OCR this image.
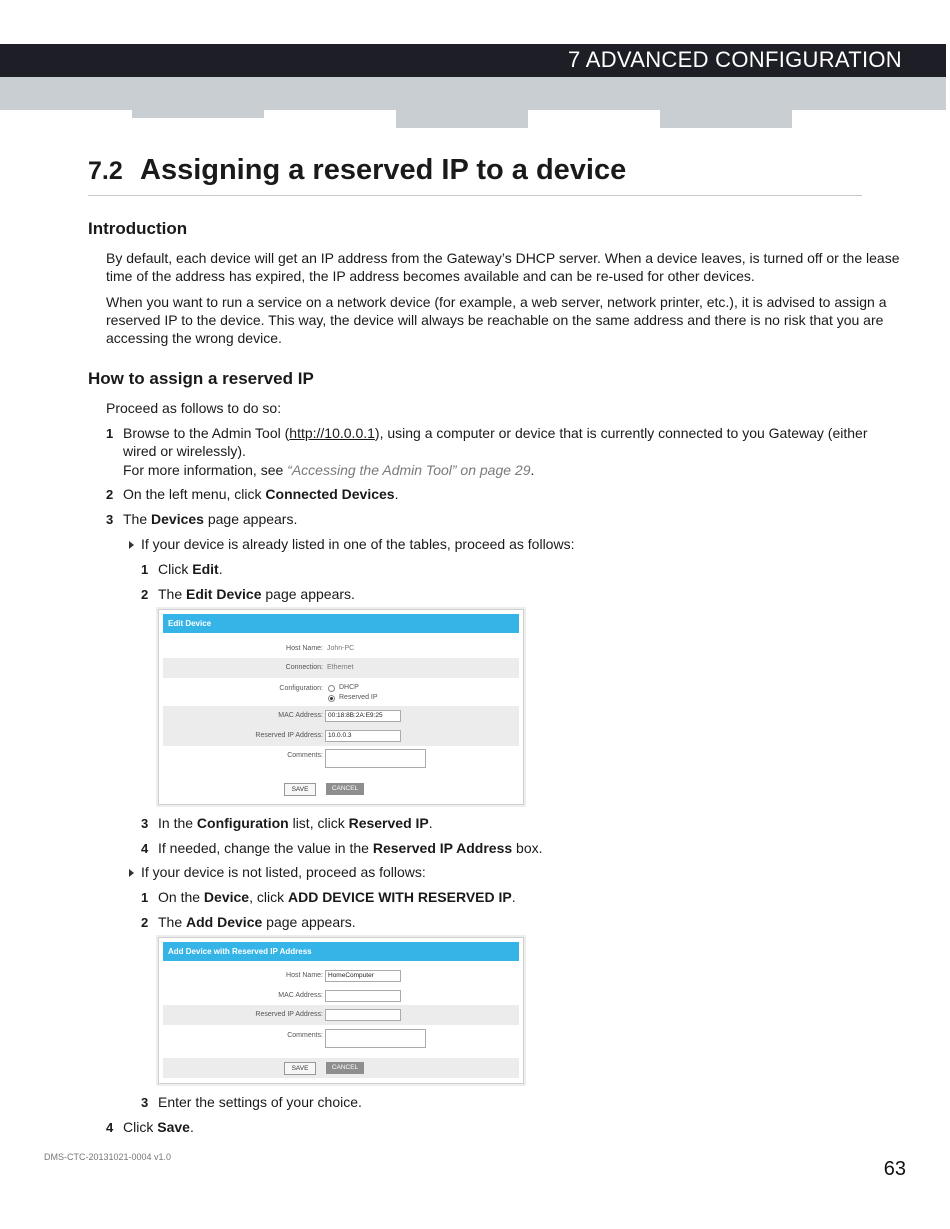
7 ADVANCED CONFIGURATION
7.2 Assigning a reserved IP to a device
Introduction

By default, each device will get an IP address from the Gateway’s DHCP server. When a device leaves, is turned off or the lease

time of the address has expired, the IP address becomes available and can be re-used for other devices.

When you want to run a service on a network device (for example, a web server, network printer, etc.), it is advised to assign a

reserved IP to the device. This way, the device will always be reachable on the same address and there is no risk that you are

accessing the wrong device.

How to assign a reserved IP

Proceed as follows to do so:

1 Browse to the Admin Tool (http://10.0.0.1), using a computer or device that is currently connected to you Gateway (either

wired or wirelessly).

For more information, see “Accessing the Admin Tool” on page 29.

2 On the left menu, click Connected Devices.

3 The Devices page appears.

If your device is already listed in one of the tables, proceed as follows:

1 Click Edit.

2 The Edit Device page appears.

Edit Device
Host Name: John-PC
Connection: Ethernet
Configuration: DHCP
Reserved IP
MAC Address: 00:18:8B:2A:E9:25
Reserved IP Address: 10.0.0.3
Comments:
SAVE	CANCEL
3 In the Configuration list, click Reserved IP.

4 If needed, change the value in the Reserved IP Address box.

If your device is not listed, proceed as follows:

1 On the Device, click ADD DEVICE WITH RESERVED IP.

2 The Add Device page appears.

Add Device with Reserved IP Address
Host Name: HomeComputer
MAC Address:
Reserved IP Address:
Comments:
SAVE	CANCEL
3 Enter the settings of your choice.

4 Click Save.

DMS-CTC-20131021-0004 v1.0
63
